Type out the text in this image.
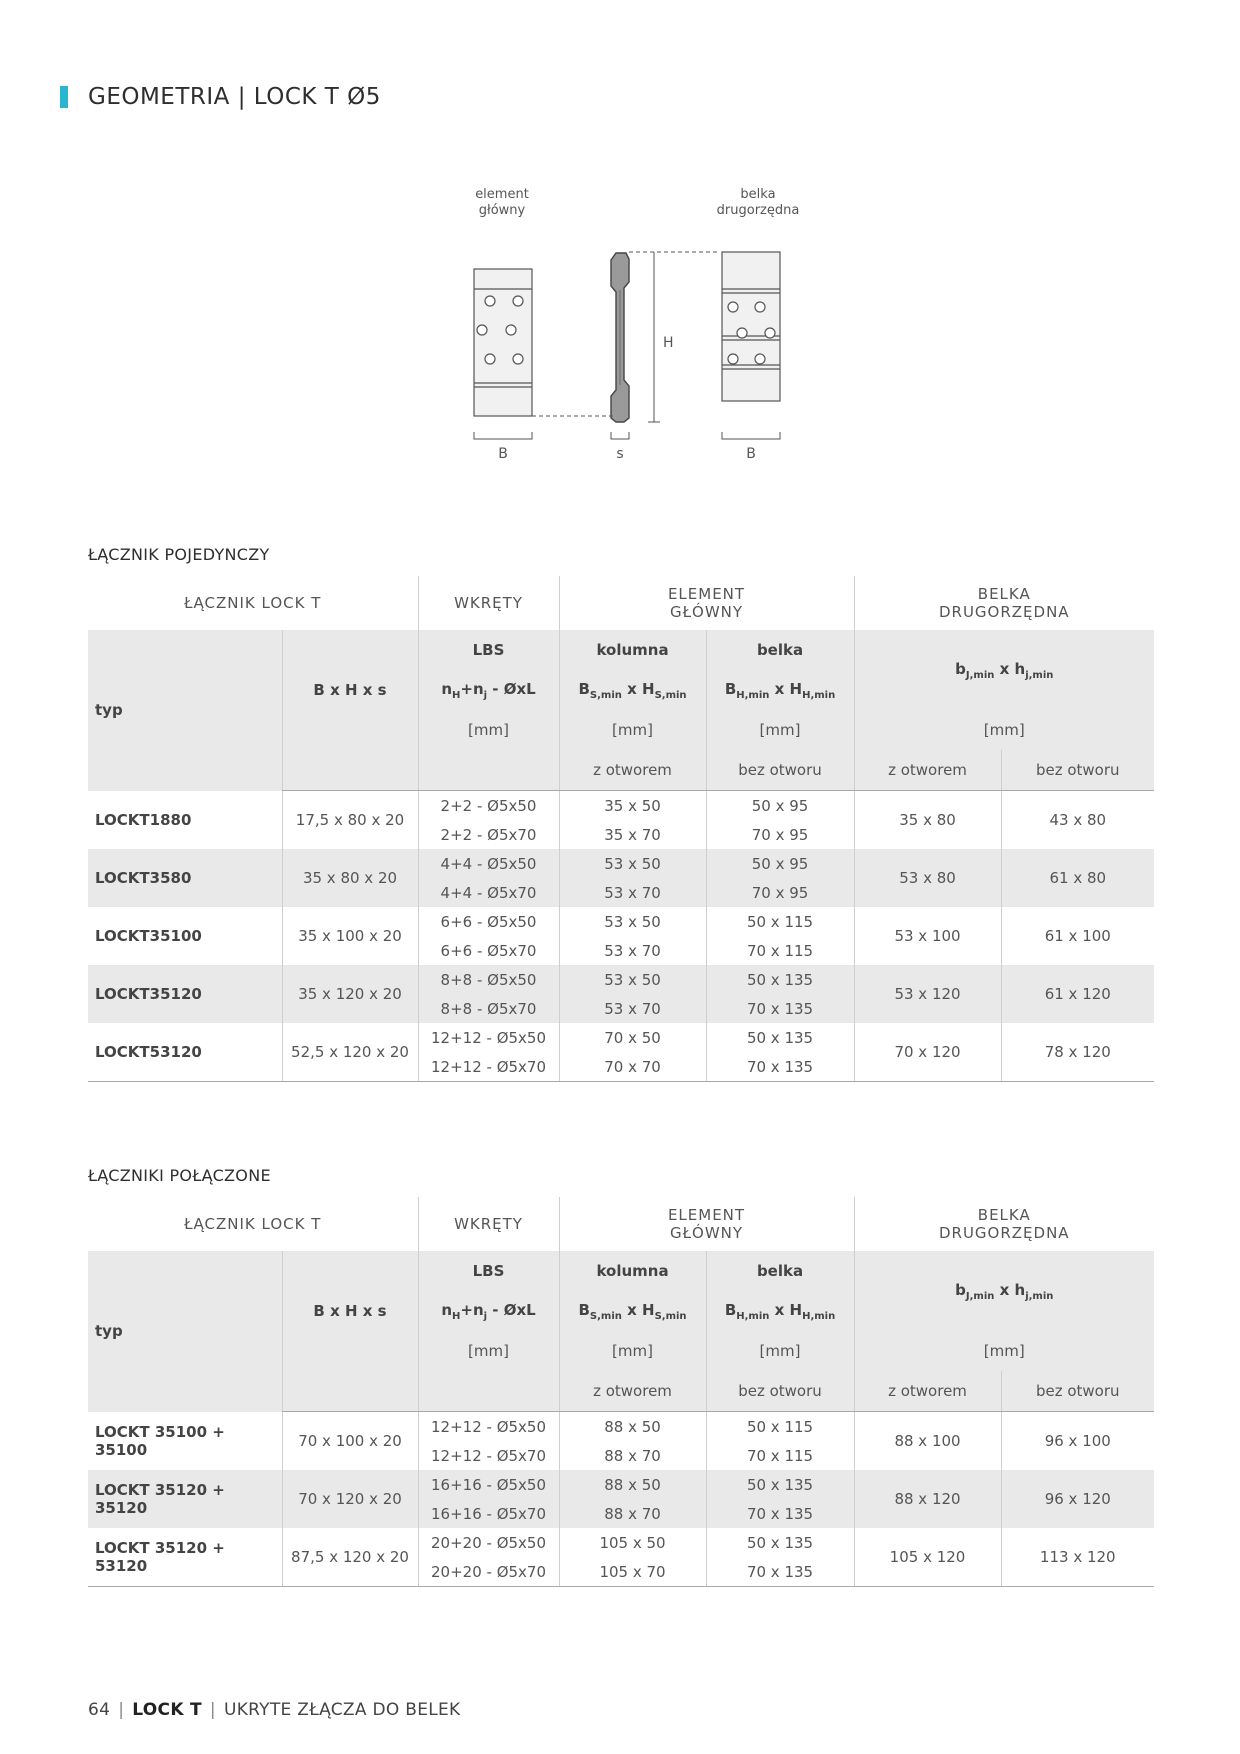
GEOMETRIA | LOCK T Ø5
element
główny
belka
drugorzędna
H
B	s	B
ŁĄCZNIK POJEDYNCZY
ŁĄCZNIK LOCK T		WKRĘTY	ELEMENT
GŁÓWNY		BELKA
DRUGORZĘDNA	
typ	B x H x s	LBS	kolumna	belka	$b_{J,min}$ x $h_{j,min}$
		$n_H+n_j$ - ØxL	$B_{S,min}$ x $H_{S,min}$	$B_{H,min}$ x $H_{H,min}$
		[mm]	[mm]	[mm]	[mm]	
			z otworem	bez otworu	z otworem	bez otworu
LOCKT1880	17,5 x 80 x 20	2+2 - Ø5x50	35 x 50	50 x 95	35 x 80	43 x 80
		2+2 - Ø5x70	35 x 70	70 x 95		
LOCKT3580	35 x 80 x 20	4+4 - Ø5x50	53 x 50	50 x 95	53 x 80	61 x 80
		4+4 - Ø5x70	53 x 70	70 x 95		
LOCKT35100	35 x 100 x 20	6+6 - Ø5x50	53 x 50	50 x 115	53 x 100	61 x 100
		6+6 - Ø5x70	53 x 70	70 x 115		
LOCKT35120	35 x 120 x 20	8+8 - Ø5x50	53 x 50	50 x 135	53 x 120	61 x 120
		8+8 - Ø5x70	53 x 70	70 x 135		
LOCKT53120	52,5 x 120 x 20	12+12 - Ø5x50	70 x 50	50 x 135	70 x 120	78 x 120
		12+12 - Ø5x70	70 x 70	70 x 135		
ŁĄCZNIKI POŁĄCZONE
ŁĄCZNIK LOCK T		WKRĘTY	ELEMENT
GŁÓWNY		BELKA
DRUGORZĘDNA	
typ	B x H x s	LBS	kolumna	belka	$b_{J,min}$ x $h_{j,min}$
		$n_H+n_j$ - ØxL	$B_{S,min}$ x $H_{S,min}$	$B_{H,min}$ x $H_{H,min}$
		[mm]	[mm]	[mm]	[mm]	
			z otworem	bez otworu	z otworem	bez otworu
LOCKT 35100 + 35100	70 x 100 x 20	12+12 - Ø5x50	88 x 50	50 x 115	88 x 100	96 x 100
		12+12 - Ø5x70	88 x 70	70 x 115		
LOCKT 35120 + 35120	70 x 120 x 20	16+16 - Ø5x50	88 x 50	50 x 135	88 x 120	96 x 120
		16+16 - Ø5x70	88 x 70	70 x 135		
LOCKT 35120 + 53120	87,5 x 120 x 20	20+20 - Ø5x50	105 x 50	50 x 135	105 x 120	113 x 120
		20+20 - Ø5x70	105 x 70	70 x 135		
64 | LOCK T | UKRYTE ZŁĄCZA DO BELEK
